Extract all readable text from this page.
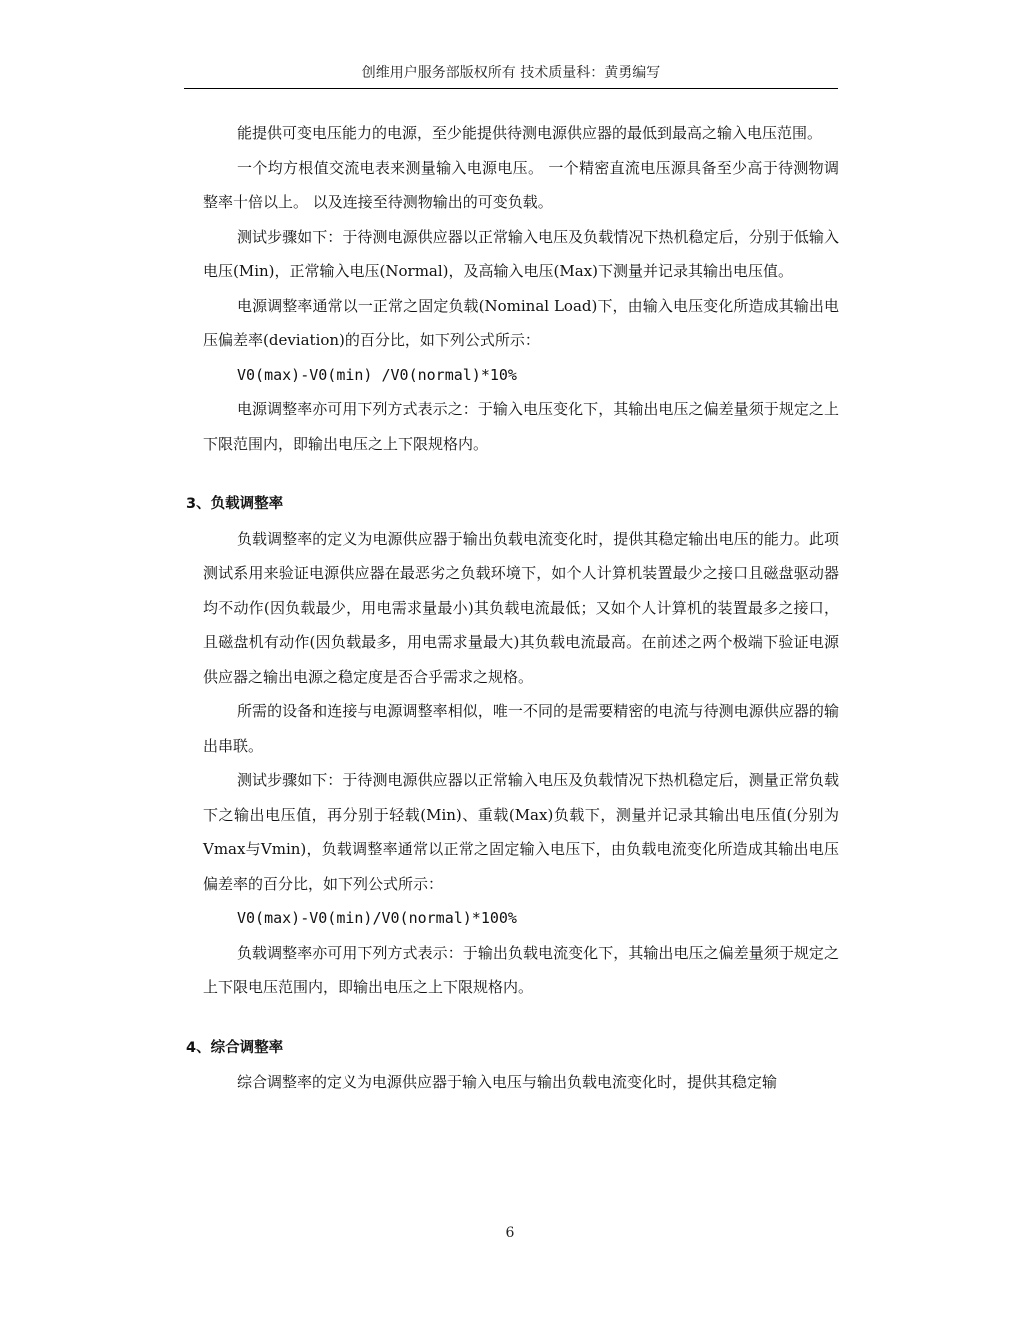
创维用户服务部版权所有 技术质量科：黄勇编写

能提供可变电压能力的电源，至少能提供待测电源供应器的最低到最高之输入电压范围。

一个均方根值交流电表来测量输入电源电压。 一个精密直流电压源具备至少高于待测物调整率十倍以上。 以及连接至待测物输出的可变负载。

测试步骤如下：于待测电源供应器以正常输入电压及负载情况下热机稳定后，分别于低输入电压(Min)，正常输入电压(Normal)，及高输入电压(Max)下测量并记录其输出电压值。

电源调整率通常以一正常之固定负载(Nominal Load)下，由输入电压变化所造成其输出电压偏差率(deviation)的百分比，如下列公式所示：

V0(max)-V0(min) /V0(normal)*10%

电源调整率亦可用下列方式表示之：于输入电压变化下，其输出电压之偏差量须于规定之上下限范围内，即输出电压之上下限规格内。

3、负载调整率

负载调整率的定义为电源供应器于输出负载电流变化时，提供其稳定输出电压的能力。此项测试系用来验证电源供应器在最恶劣之负载环境下，如个人计算机装置最少之接口且磁盘驱动器均不动作(因负载最少，用电需求量最小)其负载电流最低；又如个人计算机的装置最多之接口，且磁盘机有动作(因负载最多，用电需求量最大)其负载电流最高。在前述之两个极端下验证电源供应器之输出电源之稳定度是否合乎需求之规格。

所需的设备和连接与电源调整率相似，唯一不同的是需要精密的电流与待测电源供应器的输出串联。

测试步骤如下：于待测电源供应器以正常输入电压及负载情况下热机稳定后，测量正常负载下之输出电压值，再分别于轻载(Min)、重载(Max)负载下，测量并记录其输出电压值(分别为Vmax与Vmin)，负载调整率通常以正常之固定输入电压下，由负载电流变化所造成其输出电压偏差率的百分比，如下列公式所示：

V0(max)-V0(min)/V0(normal)*100%

负载调整率亦可用下列方式表示：于输出负载电流变化下，其输出电压之偏差量须于规定之上下限电压范围内，即输出电压之上下限规格内。

4、综合调整率

综合调整率的定义为电源供应器于输入电压与输出负载电流变化时，提供其稳定输

6
